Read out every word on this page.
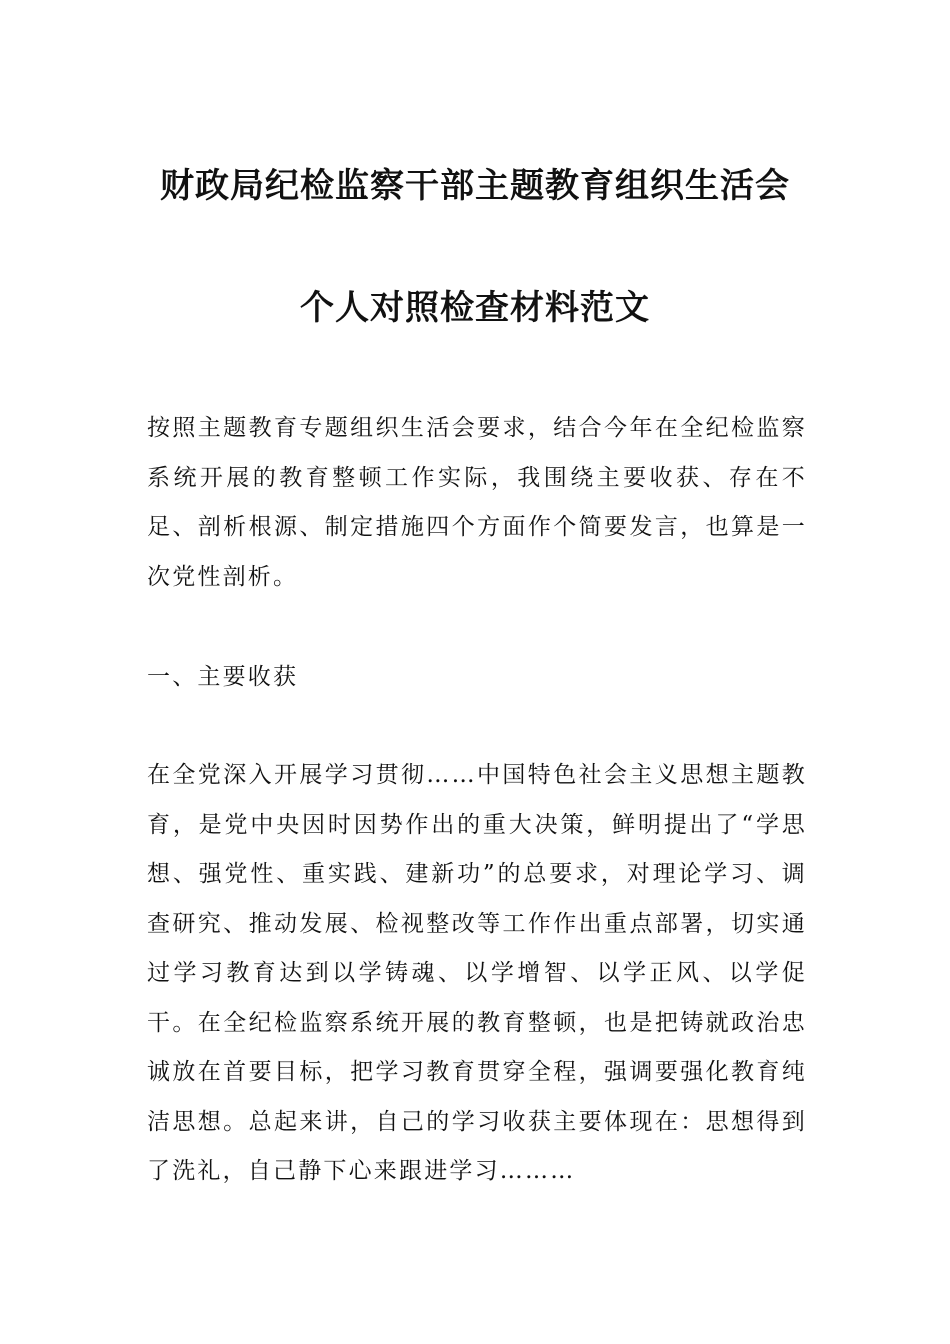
财政局纪检监察干部主题教育组织生活会
个人对照检查材料范文

按照主题教育专题组织生活会要求，结合今年在全纪检监察系统开展的教育整顿工作实际，我围绕主要收获、存在不足、剖析根源、制定措施四个方面作个简要发言，也算是一次党性剖析。

一、主要收获

在全党深入开展学习贯彻……中国特色社会主义思想主题教育，是党中央因时因势作出的重大决策，鲜明提出了“学思想、强党性、重实践、建新功”的总要求，对理论学习、调查研究、推动发展、检视整改等工作作出重点部署，切实通过学习教育达到以学铸魂、以学增智、以学正风、以学促干。在全纪检监察系统开展的教育整顿，也是把铸就政治忠诚放在首要目标，把学习教育贯穿全程，强调要强化教育纯洁思想。总起来讲，自己的学习收获主要体现在：思想得到了洗礼，自己静下心来跟进学习………
